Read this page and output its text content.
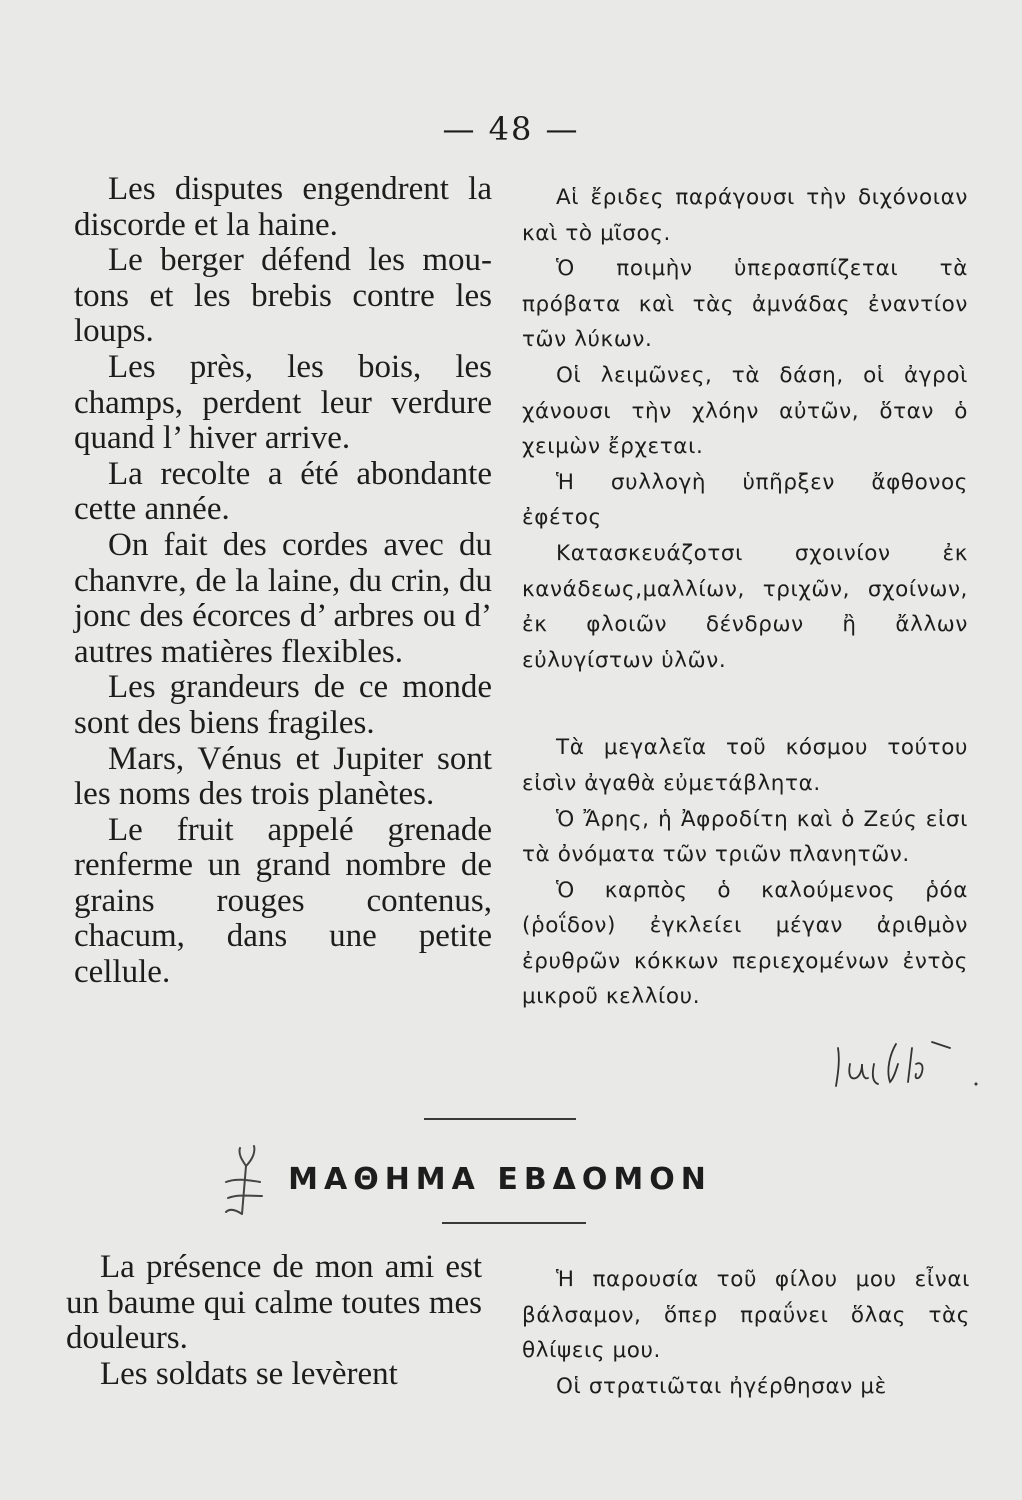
— 48 —

Les disputes engendrent la discorde et la haine.

Le berger défend les moutons et les brebis contre les loups.

Les près, les bois, les champs, perdent leur verdure quand l’ hiver arrive.

La recolte a été abondante cette année.

On fait des cordes avec du chanvre, de la laine, du crin, du jonc des écorces d’ arbres ou d’ autres matières flexibles.

Les grandeurs de ce monde sont des biens fragiles.

Mars, Vénus et Jupiter sont les noms des trois planètes.

Le fruit appelé grenade renferme un grand nombre de grains rouges contenus, chacum, dans une petite cellule.

Αἱ ἔριδες παράγουσι τὴν διχόνοιαν καὶ τὸ μῖσος.

Ὁ ποιμὴν ὑπερασπίζεται τὰ πρόβατα καὶ τὰς ἀμνάδας ἐναντίον τῶν λύκων.

Οἱ λειμῶνες, τὰ δάση, οἱ ἀγροὶ χάνουσι τὴν χλόην αὐτῶν, ὅταν ὁ χειμὼν ἔρχεται.

Ἡ συλλογὴ ὑπῆρξεν ἄφθονος ἐφέτος

Κατασκευάζοτσι σχοινίον ἐκ κανάδεως,μαλλίων, τριχῶν, σχοίνων, ἐκ φλοιῶν δένδρων ἢ ἄλλων εὐλυγίστων ὑλῶν.

Τὰ μεγαλεῖα τοῦ κόσμου τούτου εἰσὶν ἀγαθὰ εὐμετάβλητα.

Ὁ Ἄρης, ἡ Ἀφροδίτη καὶ ὁ Ζεύς εἰσι τὰ ὀνόματα τῶν τριῶν πλανητῶν.

Ὁ καρπὸς ὁ καλούμενος ῥόα (ῥοΐδον) ἐγκλείει μέγαν ἀριθμὸν ἐρυθρῶν κόκκων περιεχομένων ἐντὸς μικροῦ κελλίου.

ΜΑΘΗΜΑ ΕΒΔΟΜΟΝ

La présence de mon ami est un baume qui calme toutes mes douleurs.

Les soldats se levèrent

Ἡ παρουσία τοῦ φίλου μου εἶναι βάλσαμον, ὅπερ πραΰνει ὅλας τὰς θλίψεις μου.

Οἱ στρατιῶται ἠγέρθησαν μὲ
